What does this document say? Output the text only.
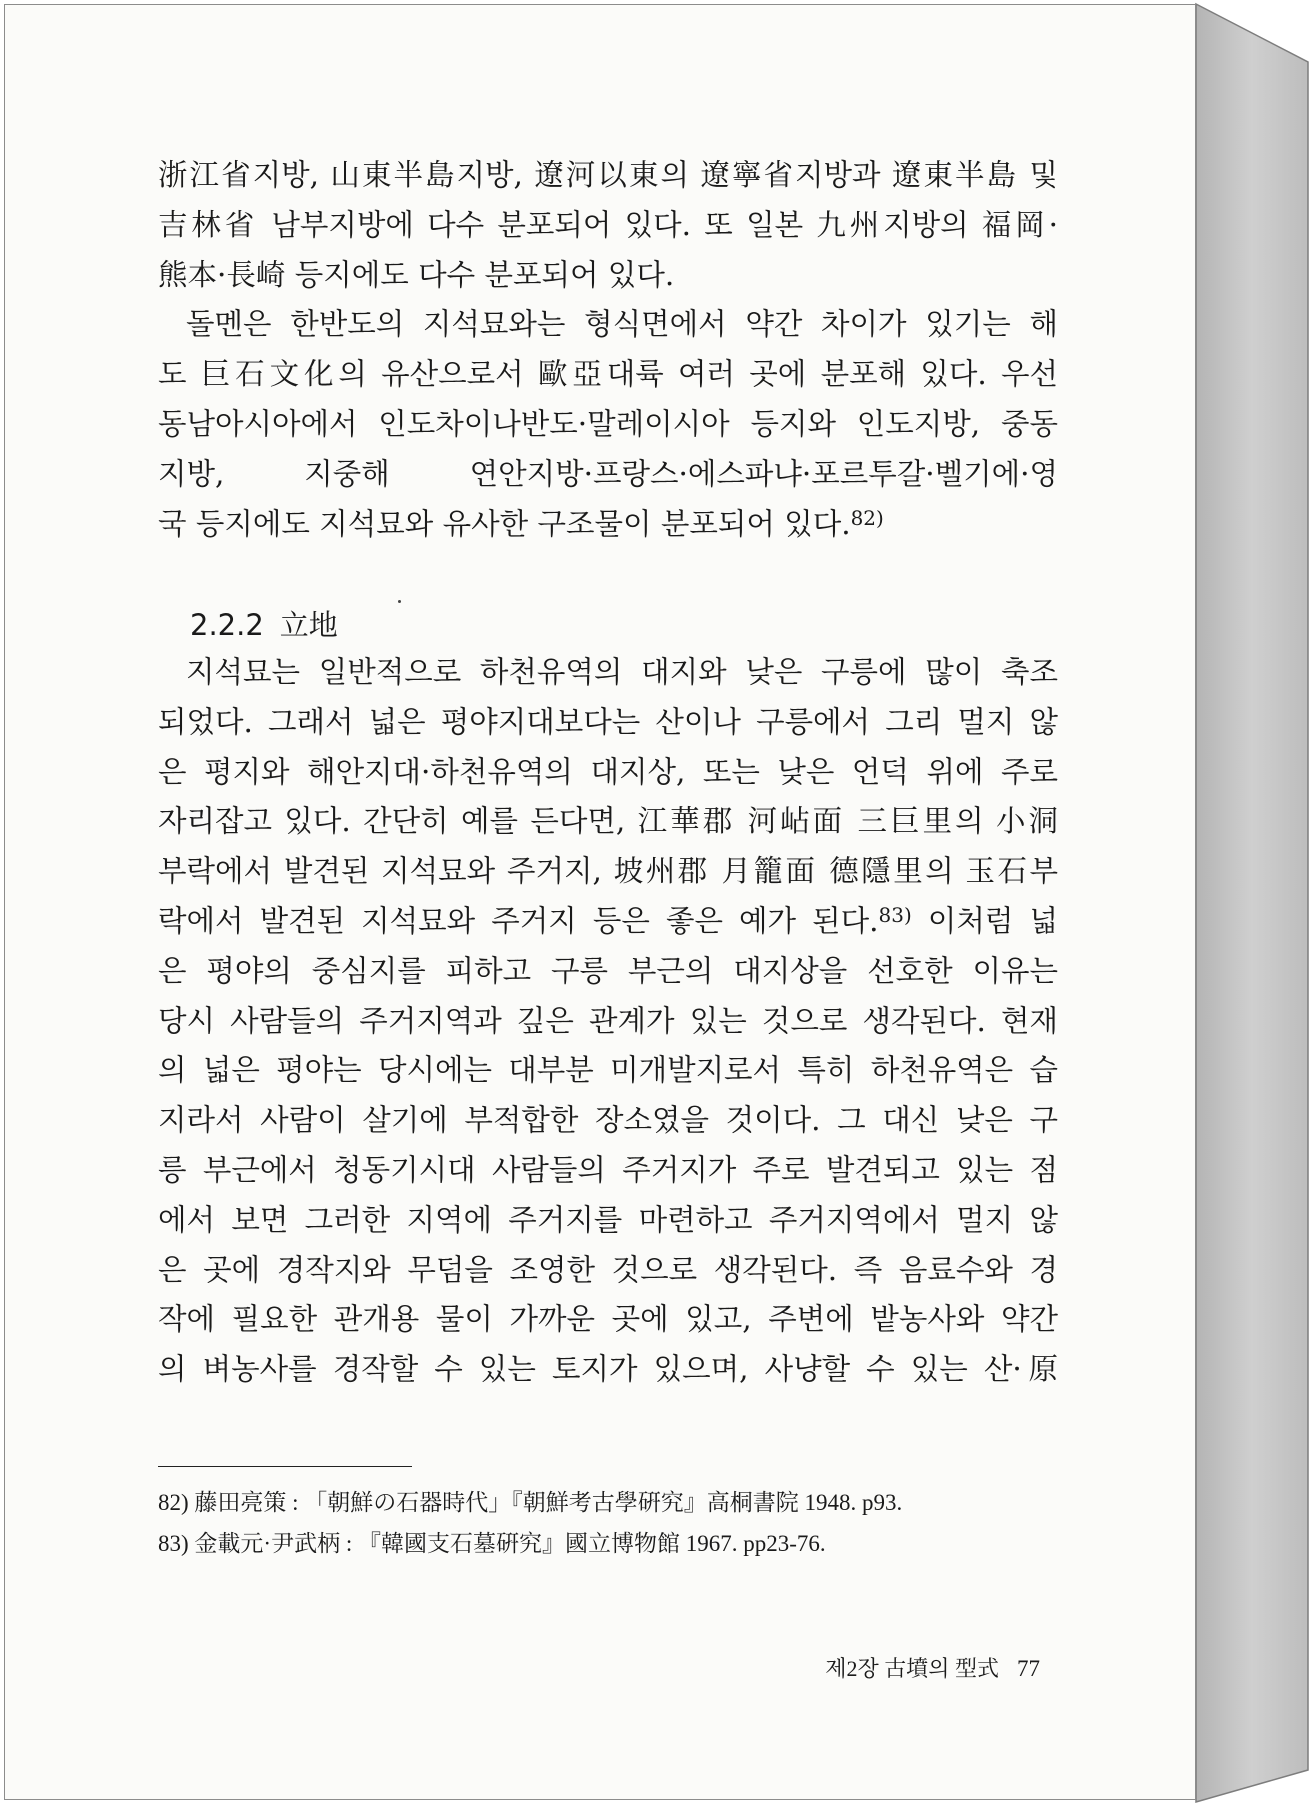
浙江省지방, 山東半島지방, 遼河以東의 遼寧省지방과 遼東半島 및
吉林省 남부지방에 다수 분포되어 있다. 또 일본 九州지방의 福岡·
熊本·長崎 등지에도 다수 분포되어 있다.
돌멘은 한반도의 지석묘와는 형식면에서 약간 차이가 있기는 해
도 巨石文化의 유산으로서 歐亞대륙 여러 곳에 분포해 있다. 우선
동남아시아에서 인도차이나반도·말레이시아 등지와 인도지방, 중동
지방, 지중해 연안지방·프랑스·에스파냐·포르투갈·벨기에·영
국 등지에도 지석묘와 유사한 구조물이 분포되어 있다.$^{82)}$
2.2.2 立地
지석묘는 일반적으로 하천유역의 대지와 낮은 구릉에 많이 축조
되었다. 그래서 넓은 평야지대보다는 산이나 구릉에서 그리 멀지 않
은 평지와 해안지대·하천유역의 대지상, 또는 낮은 언덕 위에 주로
자리잡고 있다. 간단히 예를 든다면, 江華郡 河岾面 三巨里의 小洞
부락에서 발견된 지석묘와 주거지, 坡州郡 月籠面 德隱里의 玉石부
락에서 발견된 지석묘와 주거지 등은 좋은 예가 된다.$^{83)}$ 이처럼 넓
은 평야의 중심지를 피하고 구릉 부근의 대지상을 선호한 이유는
당시 사람들의 주거지역과 깊은 관계가 있는 것으로 생각된다. 현재
의 넓은 평야는 당시에는 대부분 미개발지로서 특히 하천유역은 습
지라서 사람이 살기에 부적합한 장소였을 것이다. 그 대신 낮은 구
릉 부근에서 청동기시대 사람들의 주거지가 주로 발견되고 있는 점
에서 보면 그러한 지역에 주거지를 마련하고 주거지역에서 멀지 않
은 곳에 경작지와 무덤을 조영한 것으로 생각된다. 즉 음료수와 경
작에 필요한 관개용 물이 가까운 곳에 있고, 주변에 밭농사와 약간
의 벼농사를 경작할 수 있는 토지가 있으며, 사냥할 수 있는 산·原
82) 藤田亮策 : 「朝鮮の石器時代」『朝鮮考古學硏究』高桐書院 1948. p93.
83) 金載元·尹武柄 : 『韓國支石墓硏究』國立博物館 1967. pp23-76.
제2장 古墳의 型式 77
